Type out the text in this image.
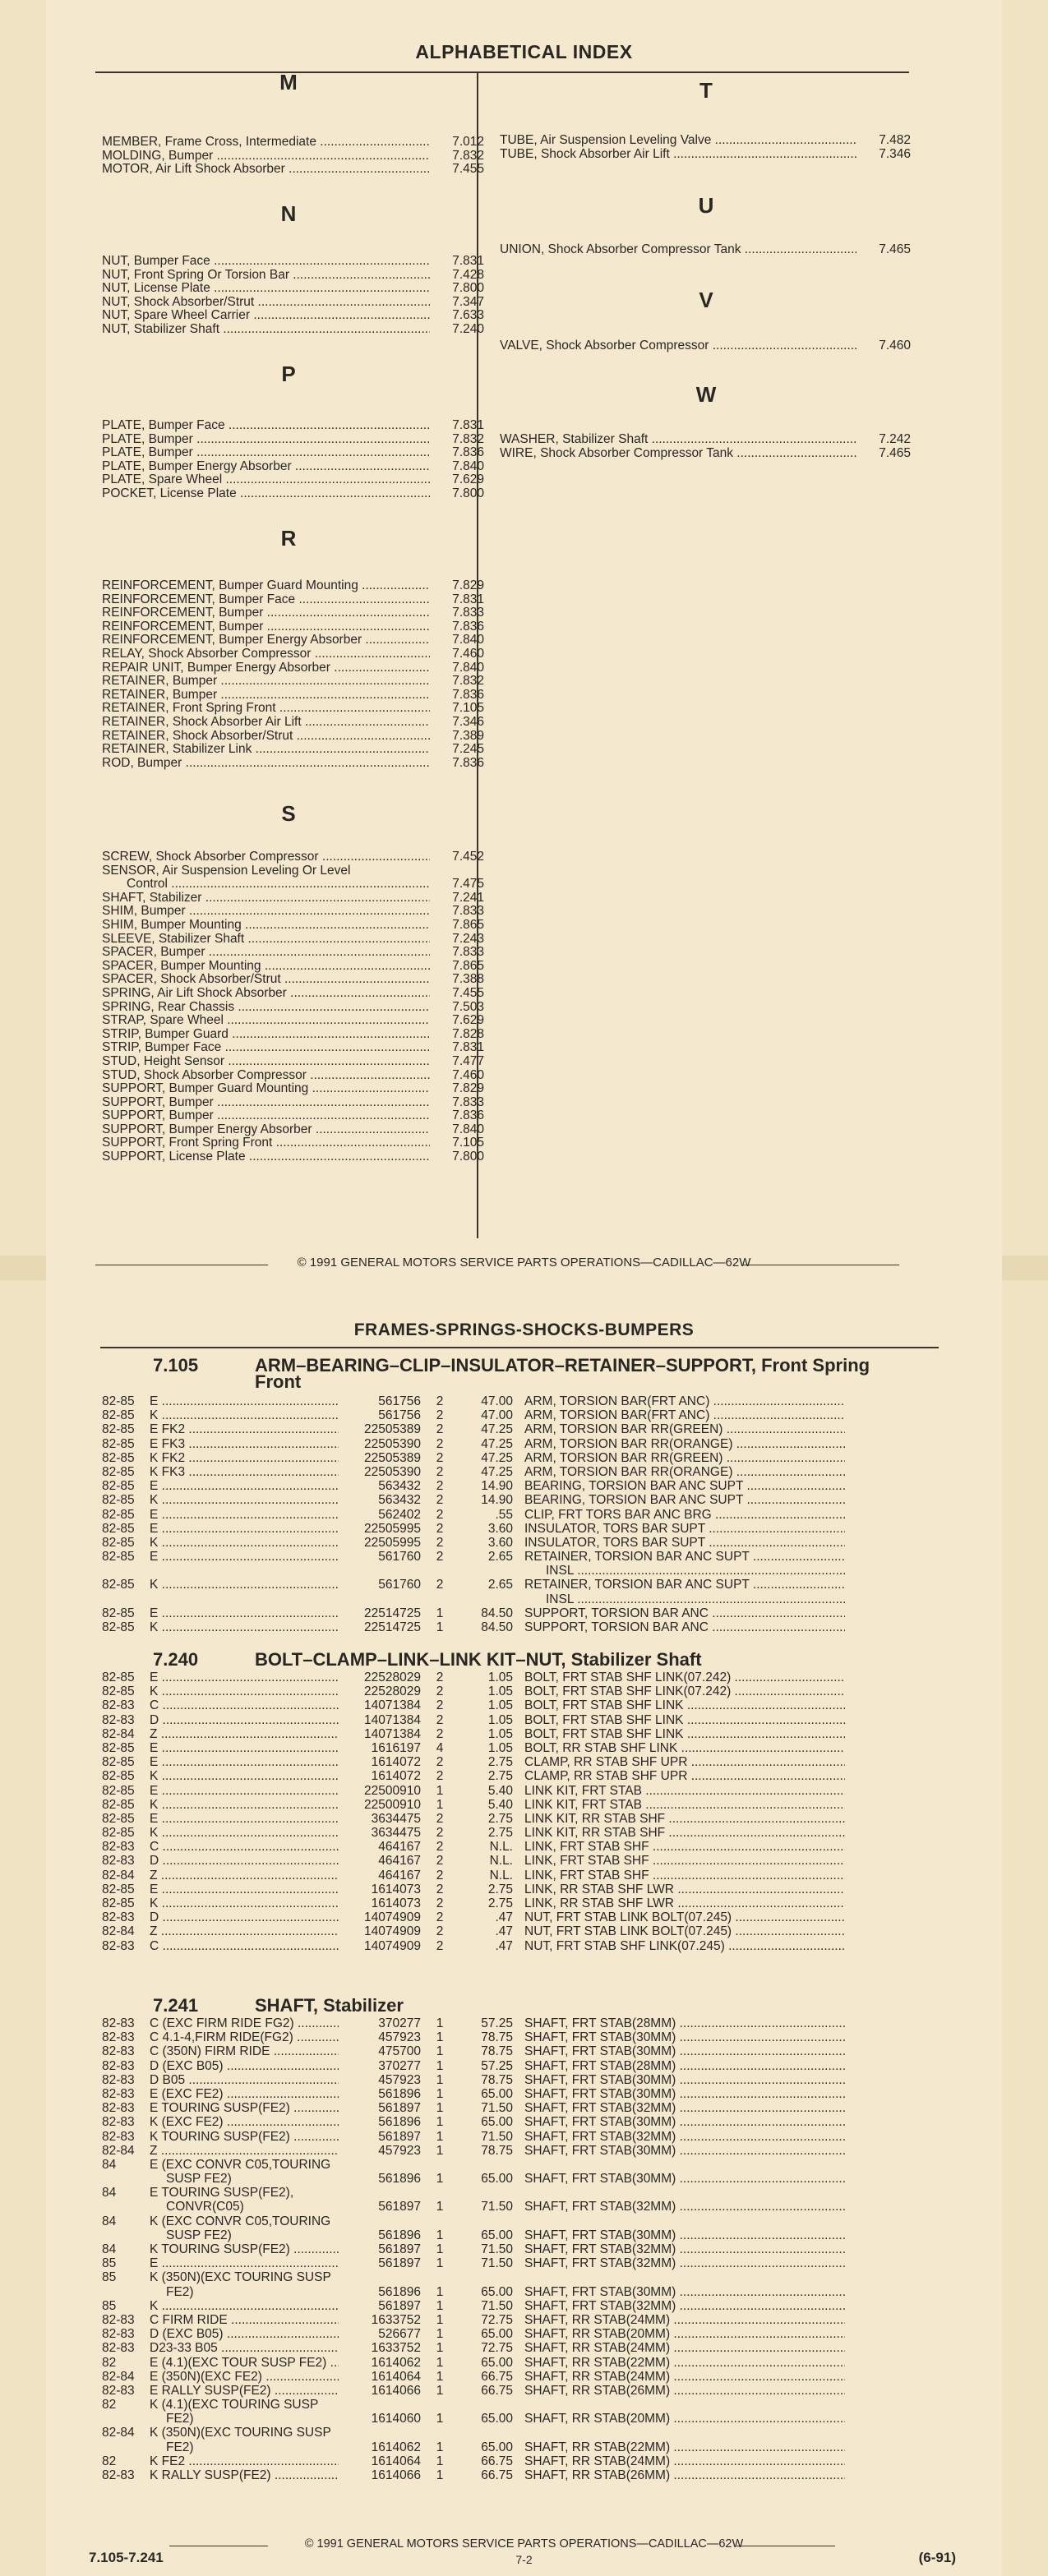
ALPHABETICAL INDEX
© 1991 GENERAL MOTORS SERVICE PARTS OPERATIONS—CADILLAC—62W
M
MEMBER, Frame Cross, Intermediate .....	7.012
MOLDING, Bumper .....	7.832
MOTOR, Air Lift Shock Absorber .....	7.455
N
NUT, Bumper Face .....	7.831
NUT, Front Spring Or Torsion Bar .....	7.428
NUT, License Plate .....	7.800
NUT, Shock Absorber/Strut .....	7.347
NUT, Spare Wheel Carrier .....	7.633
NUT, Stabilizer Shaft .....	7.240
P
PLATE, Bumper Face .....	7.831
PLATE, Bumper .....	7.832
PLATE, Bumper .....	7.836
PLATE, Bumper Energy Absorber .....	7.840
PLATE, Spare Wheel .....	7.629
POCKET, License Plate .....	7.800
R
REINFORCEMENT, Bumper Guard Mounting .....	7.829
REINFORCEMENT, Bumper Face .....	7.831
REINFORCEMENT, Bumper .....	7.833
REINFORCEMENT, Bumper .....	7.836
REINFORCEMENT, Bumper Energy Absorber .....	7.840
RELAY, Shock Absorber Compressor .....	7.460
REPAIR UNIT, Bumper Energy Absorber .....	7.840
RETAINER, Bumper .....	7.832
RETAINER, Bumper .....	7.836
RETAINER, Front Spring Front .....	7.105
RETAINER, Shock Absorber Air Lift .....	7.346
RETAINER, Shock Absorber/Strut .....	7.389
RETAINER, Stabilizer Link .....	7.245
ROD, Bumper .....	7.836
S
SCREW, Shock Absorber Compressor .....	7.452
SENSOR, Air Suspension Leveling Or Level
Control .....	7.475
SHAFT, Stabilizer .....	7.241
SHIM, Bumper .....	7.833
SHIM, Bumper Mounting .....	7.865
SLEEVE, Stabilizer Shaft .....	7.243
SPACER, Bumper .....	7.833
SPACER, Bumper Mounting .....	7.865
SPACER, Shock Absorber/Strut .....	7.388
SPRING, Air Lift Shock Absorber .....	7.455
SPRING, Rear Chassis .....	7.503
STRAP, Spare Wheel .....	7.629
STRIP, Bumper Guard .....	7.828
STRIP, Bumper Face .....	7.831
STUD, Height Sensor .....	7.477
STUD, Shock Absorber Compressor .....	7.460
SUPPORT, Bumper Guard Mounting .....	7.829
SUPPORT, Bumper .....	7.833
SUPPORT, Bumper .....	7.836
SUPPORT, Bumper Energy Absorber .....	7.840
SUPPORT, Front Spring Front .....	7.105
SUPPORT, License Plate .....	7.800
T
TUBE, Air Suspension Leveling Valve .....	7.482
TUBE, Shock Absorber Air Lift .....	7.346
U
UNION, Shock Absorber Compressor Tank .....	7.465
V
VALVE, Shock Absorber Compressor .....	7.460
W
WASHER, Stabilizer Shaft .....	7.242
WIRE, Shock Absorber Compressor Tank .....	7.465
FRAMES-SPRINGS-SHOCKS-BUMPERS
© 1991 GENERAL MOTORS SERVICE PARTS OPERATIONS—CADILLAC—62W
7.105-7.241	7-2	(6-91)
7.105	ARM–BEARING–CLIP–INSULATOR–RETAINER–SUPPORT, Front Spring
Front
82-85	E .....	561756	2	47.00 ARM, TORSION BAR(FRT ANC) .....
82-85	K .....	561756	2	47.00 ARM, TORSION BAR(FRT ANC) .....
82-85	E FK2 .....	22505389	2	47.25 ARM, TORSION BAR RR(GREEN) .....
82-85	E FK3 .....	22505390	2	47.25 ARM, TORSION BAR RR(ORANGE) .....
82-85	K FK2 .....	22505389	2	47.25 ARM, TORSION BAR RR(GREEN) .....
82-85	K FK3 .....	22505390	2	47.25 ARM, TORSION BAR RR(ORANGE) .....
82-85	E .....	563432	2	14.90 BEARING, TORSION BAR ANC SUPT .....
82-85	K .....	563432	2	14.90 BEARING, TORSION BAR ANC SUPT .....
82-85	E .....	562402	2	.55 CLIP, FRT TORS BAR ANC BRG .....
82-85	E .....	22505995	2	3.60 INSULATOR, TORS BAR SUPT .....
82-85	K .....	22505995	2	3.60 INSULATOR, TORS BAR SUPT .....
82-85	E .....	561760	2	2.65 RETAINER, TORSION BAR ANC SUPT .....
INSL .....
82-85	K .....	561760	2	2.65 RETAINER, TORSION BAR ANC SUPT .....
INSL .....
82-85	E .....	22514725	1	84.50 SUPPORT, TORSION BAR ANC .....
82-85	K .....	22514725	1	84.50 SUPPORT, TORSION BAR ANC .....
7.240	BOLT–CLAMP–LINK–LINK KIT–NUT, Stabilizer Shaft
82-85	E .....	22528029	2	1.05 BOLT, FRT STAB SHF LINK(07.242) .....
82-85	K .....	22528029	2	1.05 BOLT, FRT STAB SHF LINK(07.242) .....
82-83	C .....	14071384	2	1.05 BOLT, FRT STAB SHF LINK .....
82-83	D .....	14071384	2	1.05 BOLT, FRT STAB SHF LINK .....
82-84	Z .....	14071384	2	1.05 BOLT, FRT STAB SHF LINK .....
82-85	E .....	1616197	4	1.05 BOLT, RR STAB SHF LINK .....
82-85	E .....	1614072	2	2.75 CLAMP, RR STAB SHF UPR .....
82-85	K .....	1614072	2	2.75 CLAMP, RR STAB SHF UPR .....
82-85	E .....	22500910	1	5.40 LINK KIT, FRT STAB .....
82-85	K .....	22500910	1	5.40 LINK KIT, FRT STAB .....
82-85	E .....	3634475	2	2.75 LINK KIT, RR STAB SHF .....
82-85	K .....	3634475	2	2.75 LINK KIT, RR STAB SHF .....
82-83	C .....	464167	2	N.L. LINK, FRT STAB SHF .....
82-83	D .....	464167	2	N.L. LINK, FRT STAB SHF .....
82-84	Z .....	464167	2	N.L. LINK, FRT STAB SHF .....
82-85	E .....	1614073	2	2.75 LINK, RR STAB SHF LWR .....
82-85	K .....	1614073	2	2.75 LINK, RR STAB SHF LWR .....
82-83	D .....	14074909	2	.47 NUT, FRT STAB LINK BOLT(07.245) .....
82-84	Z .....	14074909	2	.47 NUT, FRT STAB LINK BOLT(07.245) .....
82-83	C .....	14074909	2	.47 NUT, FRT STAB SHF LINK(07.245) .....
7.241	SHAFT, Stabilizer
82-83	C (EXC FIRM RIDE FG2) .....	370277	1	57.25 SHAFT, FRT STAB(28MM) .....
82-83	C 4.1-4,FIRM RIDE(FG2) .....	457923	1	78.75 SHAFT, FRT STAB(30MM) .....
82-83	C (350N) FIRM RIDE .....	475700	1	78.75 SHAFT, FRT STAB(30MM) .....
82-83	D (EXC B05) .....	370277	1	57.25 SHAFT, FRT STAB(28MM) .....
82-83	D B05 .....	457923	1	78.75 SHAFT, FRT STAB(30MM) .....
82-83	E (EXC FE2) .....	561896	1	65.00 SHAFT, FRT STAB(30MM) .....
82-83	E TOURING SUSP(FE2) .....	561897	1	71.50 SHAFT, FRT STAB(32MM) .....
82-83	K (EXC FE2) .....	561896	1	65.00 SHAFT, FRT STAB(30MM) .....
82-83	K TOURING SUSP(FE2) .....	561897	1	71.50 SHAFT, FRT STAB(32MM) .....
82-84	Z .....	457923	1	78.75 SHAFT, FRT STAB(30MM) .....
84	E (EXC CONVR C05,TOURING
SUSP FE2)	561896	1	65.00 SHAFT, FRT STAB(30MM) .....
84	E TOURING SUSP(FE2),
CONVR(C05)	561897	1	71.50 SHAFT, FRT STAB(32MM) .....
84	K (EXC CONVR C05,TOURING
SUSP FE2)	561896	1	65.00 SHAFT, FRT STAB(30MM) .....
84	K TOURING SUSP(FE2) .....	561897	1	71.50 SHAFT, FRT STAB(32MM) .....
85	E .....	561897	1	71.50 SHAFT, FRT STAB(32MM) .....
85	K (350N)(EXC TOURING SUSP
FE2)	561896	1	65.00 SHAFT, FRT STAB(30MM) .....
85	K .....	561897	1	71.50 SHAFT, FRT STAB(32MM) .....
82-83	C FIRM RIDE .....	1633752	1	72.75 SHAFT, RR STAB(24MM) .....
82-83	D (EXC B05) .....	526677	1	65.00 SHAFT, RR STAB(20MM) .....
82-83	D23-33 B05 .....	1633752	1	72.75 SHAFT, RR STAB(24MM) .....
82	E (4.1)(EXC TOUR SUSP FE2) .....	1614062	1	65.00 SHAFT, RR STAB(22MM) .....
82-84	E (350N)(EXC FE2) .....	1614064	1	66.75 SHAFT, RR STAB(24MM) .....
82-83	E RALLY SUSP(FE2) .....	1614066	1	66.75 SHAFT, RR STAB(26MM) .....
82	K (4.1)(EXC TOURING SUSP
FE2)	1614060	1	65.00 SHAFT, RR STAB(20MM) .....
82-84	K (350N)(EXC TOURING SUSP
FE2)	1614062	1	65.00 SHAFT, RR STAB(22MM) .....
82	K FE2 .....	1614064	1	66.75 SHAFT, RR STAB(24MM) .....
82-83	K RALLY SUSP(FE2) .....	1614066	1	66.75 SHAFT, RR STAB(26MM) .....
